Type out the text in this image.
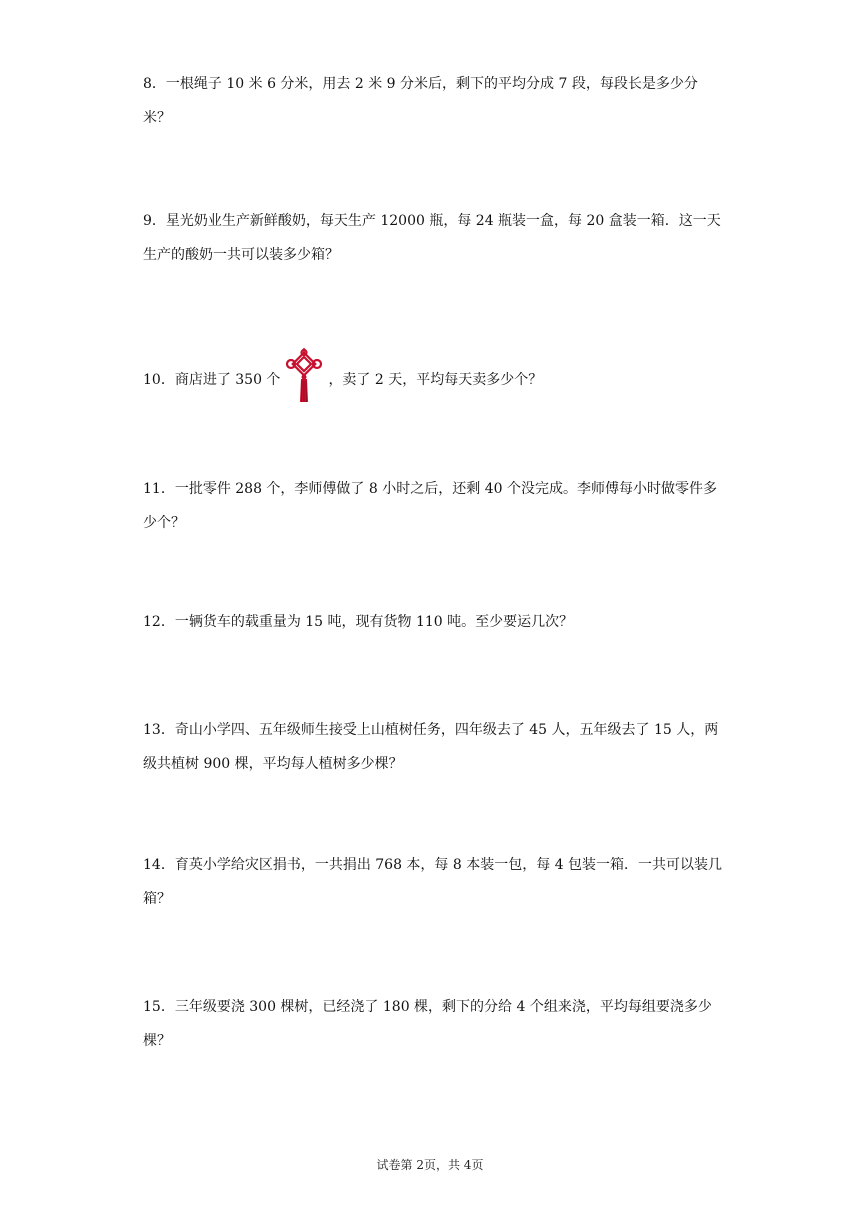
8．一根绳子 10 米 6 分米，用去 2 米 9 分米后，剩下的平均分成 7 段，每段长是多少分米？

9．星光奶业生产新鲜酸奶，每天生产 12000 瓶，每 24 瓶装一盒，每 20 盒装一箱．这一天生产的酸奶一共可以装多少箱？

10．商店进了 350 个	，卖了 2 天，平均每天卖多少个？

11．一批零件 288 个，李师傅做了 8 小时之后，还剩 40 个没完成。李师傅每小时做零件多少个？

12．一辆货车的载重量为 15 吨，现有货物 110 吨。至少要运几次？

13．奇山小学四、五年级师生接受上山植树任务，四年级去了 45 人，五年级去了 15 人，两级共植树 900 棵，平均每人植树多少棵？

14．育英小学给灾区捐书，一共捐出 768 本，每 8 本装一包，每 4 包装一箱．一共可以装几箱？

15．三年级要浇 300 棵树，已经浇了 180 棵，剩下的分给 4 个组来浇，平均每组要浇多少棵？

试卷第 2页，共 4页
